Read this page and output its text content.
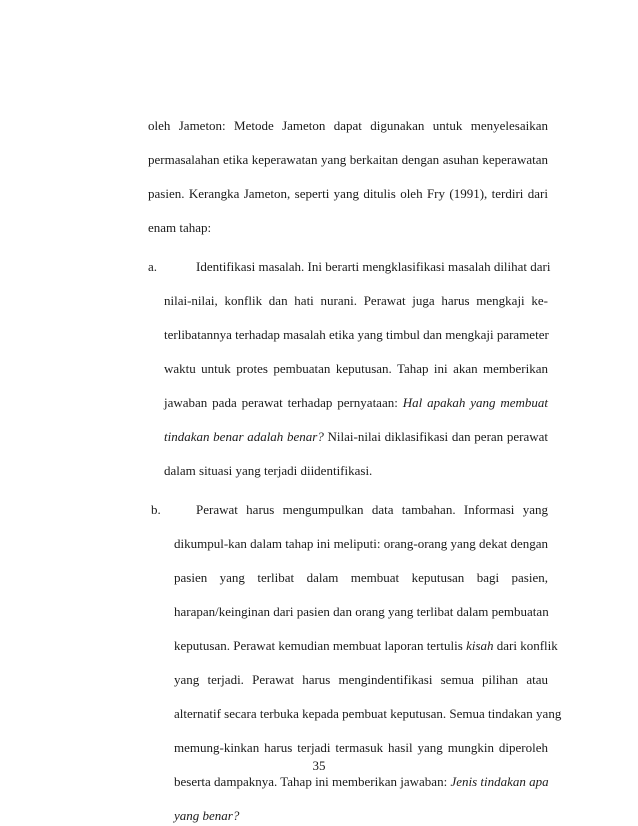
oleh Jameton: Metode Jameton dapat digunakan untuk menyelesaikan
permasalahan etika keperawatan yang berkaitan dengan asuhan keperawatan
pasien. Kerangka Jameton, seperti yang ditulis oleh Fry (1991), terdiri dari
enam tahap:
a.	Identifikasi masalah. Ini berarti mengklasifikasi masalah dilihat dari
nilai-nilai, konflik dan hati nurani. Perawat juga harus mengkaji ke-
terlibatannya terhadap masalah etika yang timbul dan mengkaji parameter
waktu untuk protes pembuatan keputusan. Tahap ini akan memberikan
jawaban pada perawat terhadap pernyataan: Hal apakah yang membuat
tindakan benar adalah benar? Nilai-nilai diklasifikasi dan peran perawat
dalam situasi yang terjadi diidentifikasi.
b.	Perawat harus mengumpulkan data tambahan. Informasi yang
dikumpul-kan dalam tahap ini meliputi: orang-orang yang dekat dengan
pasien yang terlibat dalam membuat keputusan bagi pasien,
harapan/keinginan dari pasien dan orang yang terlibat dalam pembuatan
keputusan. Perawat kemudian membuat laporan tertulis kisah dari konflik
yang terjadi. Perawat harus mengindentifikasi semua pilihan atau
alternatif secara terbuka kepada pembuat keputusan. Semua tindakan yang
memung-kinkan harus terjadi termasuk hasil yang mungkin diperoleh
beserta dampaknya. Tahap ini memberikan jawaban: Jenis tindakan apa
yang benar?
35
